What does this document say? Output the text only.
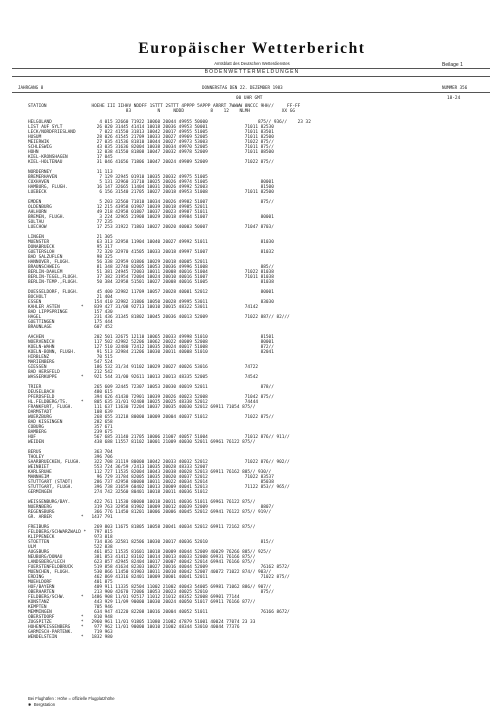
Europäischer Wetterbericht
Amtsblatt des Deutschen Wetterdienstes	Beilage 1
BODENWETTERMELDUNGEN
JAHRGANG 8	DONNERSTAG DEN 22. DEZEMBER 1983	NUMMER 356
00 UHR GMT	18-24
STATION                 HOEHE III IIHHV NDDFF 1STTT 2STTT 4PPPP 5APPP ARRRT 7WWWW 8NCCC 9HH//     FF-FF
83          N     NDDD          8    12    NLMH            XX GG
HELGOLAND                  4 015 32660 71922 10060 20044 49955 50000                   875// 936//    23 32
LIST AUF SYLT             26 020 31445 41414 10018 20036 49953 50001              71011 82530
LECK/NORDFRIESLAND         7 022 41550 31813 10042 20017 49955 51005              71011 83501
HUSUM                     28 026 41545 21709 10033 20027 49969 52005              71011 82500
MEIERWIK                  27 035 41536 81810 10044 20027 49973 53003              71022 875//
SCHLESWIG                 43 035 31636 82004 10038 20034 49970 52005              71011 875//
HOHN                      12 038 41550 81808 10047 20032 49978 52009              71011 88500
KIEL-KRONSHAGEN           17 045
KIEL-HOLTENAU             31 046 41656 71806 10047 20024 49989 52009              71022 875//

NORDERNEY                 11 113
BREMERHAVEN                7 129 32945 01910 10035 20032 49975 51005
CUXHAVEN                   5 131 32960 31710 10025 20026 49974 51005                    80001
HAMBURG, FLUGH.           16 147 32665 11404 10031 20026 49992 52003                    81500
LUEBECK                    6 156 31540 21705 10027 20018 49953 51008              71011 82500

EMDEN                      5 203 32560 71810 10034 20026 49982 51007                    875//
OLDENBURG                 12 215 43958 01907 10039 20018 49985 52011
AHLHORN                   49 218 42958 01807 10037 20023 49987 51011
BREMEN, FLUGH.             3 224 32965 21908 10029 20018 49984 51007                    80001
SOLTAU                    77 235
LUECHOW                   17 253 31922 71803 10027 20020 40003 50007              71047 8703/

LINGEN                    21 305
MUENSTER                  63 313 32958 11904 10040 20027 49992 51011                    81030
DONABRUECK                95 317
GUETERSLOH                72 320 32970 41505 10033 20018 49997 51007                    81032
BAD SALZUFLEN             98 325
HANNOVER, FLUGH.          56 338 32959 01806 10029 20018 40005 52011
BRAUNSCHWEIG              81 348 32740 82005 10053 20036 49996 51008                    885//
BERLIN-DAHLEM             51 381 24945 72003 10011 20008 40016 51004              71022 81038
BERLIN-TEGEL,FLUGH.       37 382 31954 72004 10024 20010 40016 51007              71011 81038
BERLIN-TEMP.,FLUGH.       50 384 32958 51501 10027 20008 40016 51005                    81038

DUESSELDORF, FLUGH.       45 400 32982 11709 10057 20028 40001 52012                    80001
BOCHOLT                   21 404
ESSEN                    154 410 32982 31806 10050 20028 49995 53011                    83030
KAHLER ASTEN        *    839 427 31/08 92713 10010 20015 48322 53011              74142
BAD LIPPSPRINGE          157 430
HAGEL                    231 436 31345 81802 10045 20036 40013 52009              71022 887// 82///
GOETTINGEN               175 444
BRAUNLAGE                607 452

AACHEN                   202 501 32675 12110 10065 20033 49998 51010                    81501
NOERVENICH               117 502 42982 52206 10062 20022 40009 52008                    80001
KOELN-WAHN               127 510 32480 72412 10035 20024 40017 51008                    872//
KOELN-BONN, FLUGH.        91 513 32984 21206 10030 20011 40008 51010                    82041
HIRBLENZ                  70 515
MARIENBERG               547 524
GIESSEN                  186 532 31/34 91102 10029 20027 40026 53016              74722
BAD HERSFELD             212 542
WASSERKUPPE         *    921 544 31/00 92611 10013 20013 48335 52005              74542

TRIER                    265 609 32445 72307 10053 20030 40019 52011                    878//
DEUSELBACH               480 615
PFERDSFELD               394 626 41430 72901 10039 20026 40023 52008              71042 875//
HL.FELDBERG/TS.     *    805 635 31/01 92408 10025 20025 48338 52012              74444
FRANKFURT, FLUGH.        111 637 11630 72204 10037 20035 40030 52012 69911 71054 875//
DARMSTADT                108 639
WUERZBURG                268 655 31218 80000 10009 20004 40037 51012              71022 875//
BAD KISSINGEN            282 658
COBURG                   357 671
BAMBERG                  239 675
HOF                      567 685 31140 21705 10006 21007 40057 51004              71012 876// 911//
WEIDEN                   438 688 11557 81102 10001 21009 40030 52011 69961 76122 875//

BERUS                    363 704
THOLEY                   396 706
SAARBRUECKEN, FLUGH.     322 708 31119 80000 10042 20033 40032 52012              71022 876// 902//
WEINBIET                 553 724 36/59 /2413 10035 20028 48333 52007
KARLSRUHE                112 727 11535 82004 10043 20038 40028 52013 69911 76162 885// 930//
MANNHEIM                  96 729 31784 82005 10035 20020 40037 52012              71022 83537
STUTTGART (STADT)        286 737 42958 80000 10011 20022 40034 52014                    85038
STUTTGART, FLUGH.        396 738 31659 60402 10013 20009 40041 52013              71122 853// 965//
GERMINGEN                274 742 32560 80401 10018 20011 40036 51012

WEISSENBURG/BAY.         422 761 11530 80000 10018 20011 40036 51011 69961 76122 875//
NUERNBERG                319 763 32958 81902 10009 20012 40039 52009                    8807/
REGENSBURG               366 776 11450 81201 10006 20006 40045 52012 69941 76122 875// 919//
GR. ARBER           *   1437 791

FREIBURG                 269 803 11675 81805 10058 20041 40034 52012 69911 72162 875//
FELDBERG/SCHWARZWALD *   797 815
KLIPPENECK               973 818
STOETTEN                 734 836 32581 82506 10030 20017 40036 52010                    815//
ULM                      522 838
AUGSBURG                 461 852 11535 81601 10018 20009 40044 52009 40029 76266 885// 925//
NEUBURG/DONAU            381 853 41412 83102 10014 20013 40033 52008 69931 76166 875//
LANDSBERG/LECH           623 857 42945 82404 10017 20007 40042 52014 69941 76166 875//
FUERSTENFELDBRUCK        519 858 41634 82303 10027 20016 40044 52009                    76162 8572/
MUENCHEN, FLUGH.         530 866 11450 81903 10011 20010 40042 52007 40072 71022 874// 903//
ERDING                   462 869 41316 82401 10009 20001 40041 52011                    71022 875//
MUEHLDORF                401 875
HOF/BAYERN               409 911 11335 82504 11002 21002 40043 54005 69981 71062 886// 907//
OBERHARTEN               213 900 42670 72006 10053 20023 40025 52010                    875//
FELDBERG/SCHW.      *   1486 908 11/01 92517 11012 21012 48352 52008 69901 77144
KONSTANZ                 443 929 11/09 90000 10030 20024 40050 51017 69911 76166 877//
KEMPTEN                  705 946
MEMMINGEN                634 947 41220 82208 10016 20004 40052 51011                    76166 8672/
OBERSTDORF          *    810 948
ZUGSPITZE           *   2960 961 11/01 91805 11080 21082 47879 51001 40024 77074 23 33
HOHENPEISSENBERG    *    977 962 11/01 90000 10010 21002 48344 53010 40044 77376
GARMISCH-PARTENK.        719 963
WENDELSTEIN         *   1832 980
Bei Flughäfen : Höhe = offizielle Flugplatzhöhe
✱  Bergstation
